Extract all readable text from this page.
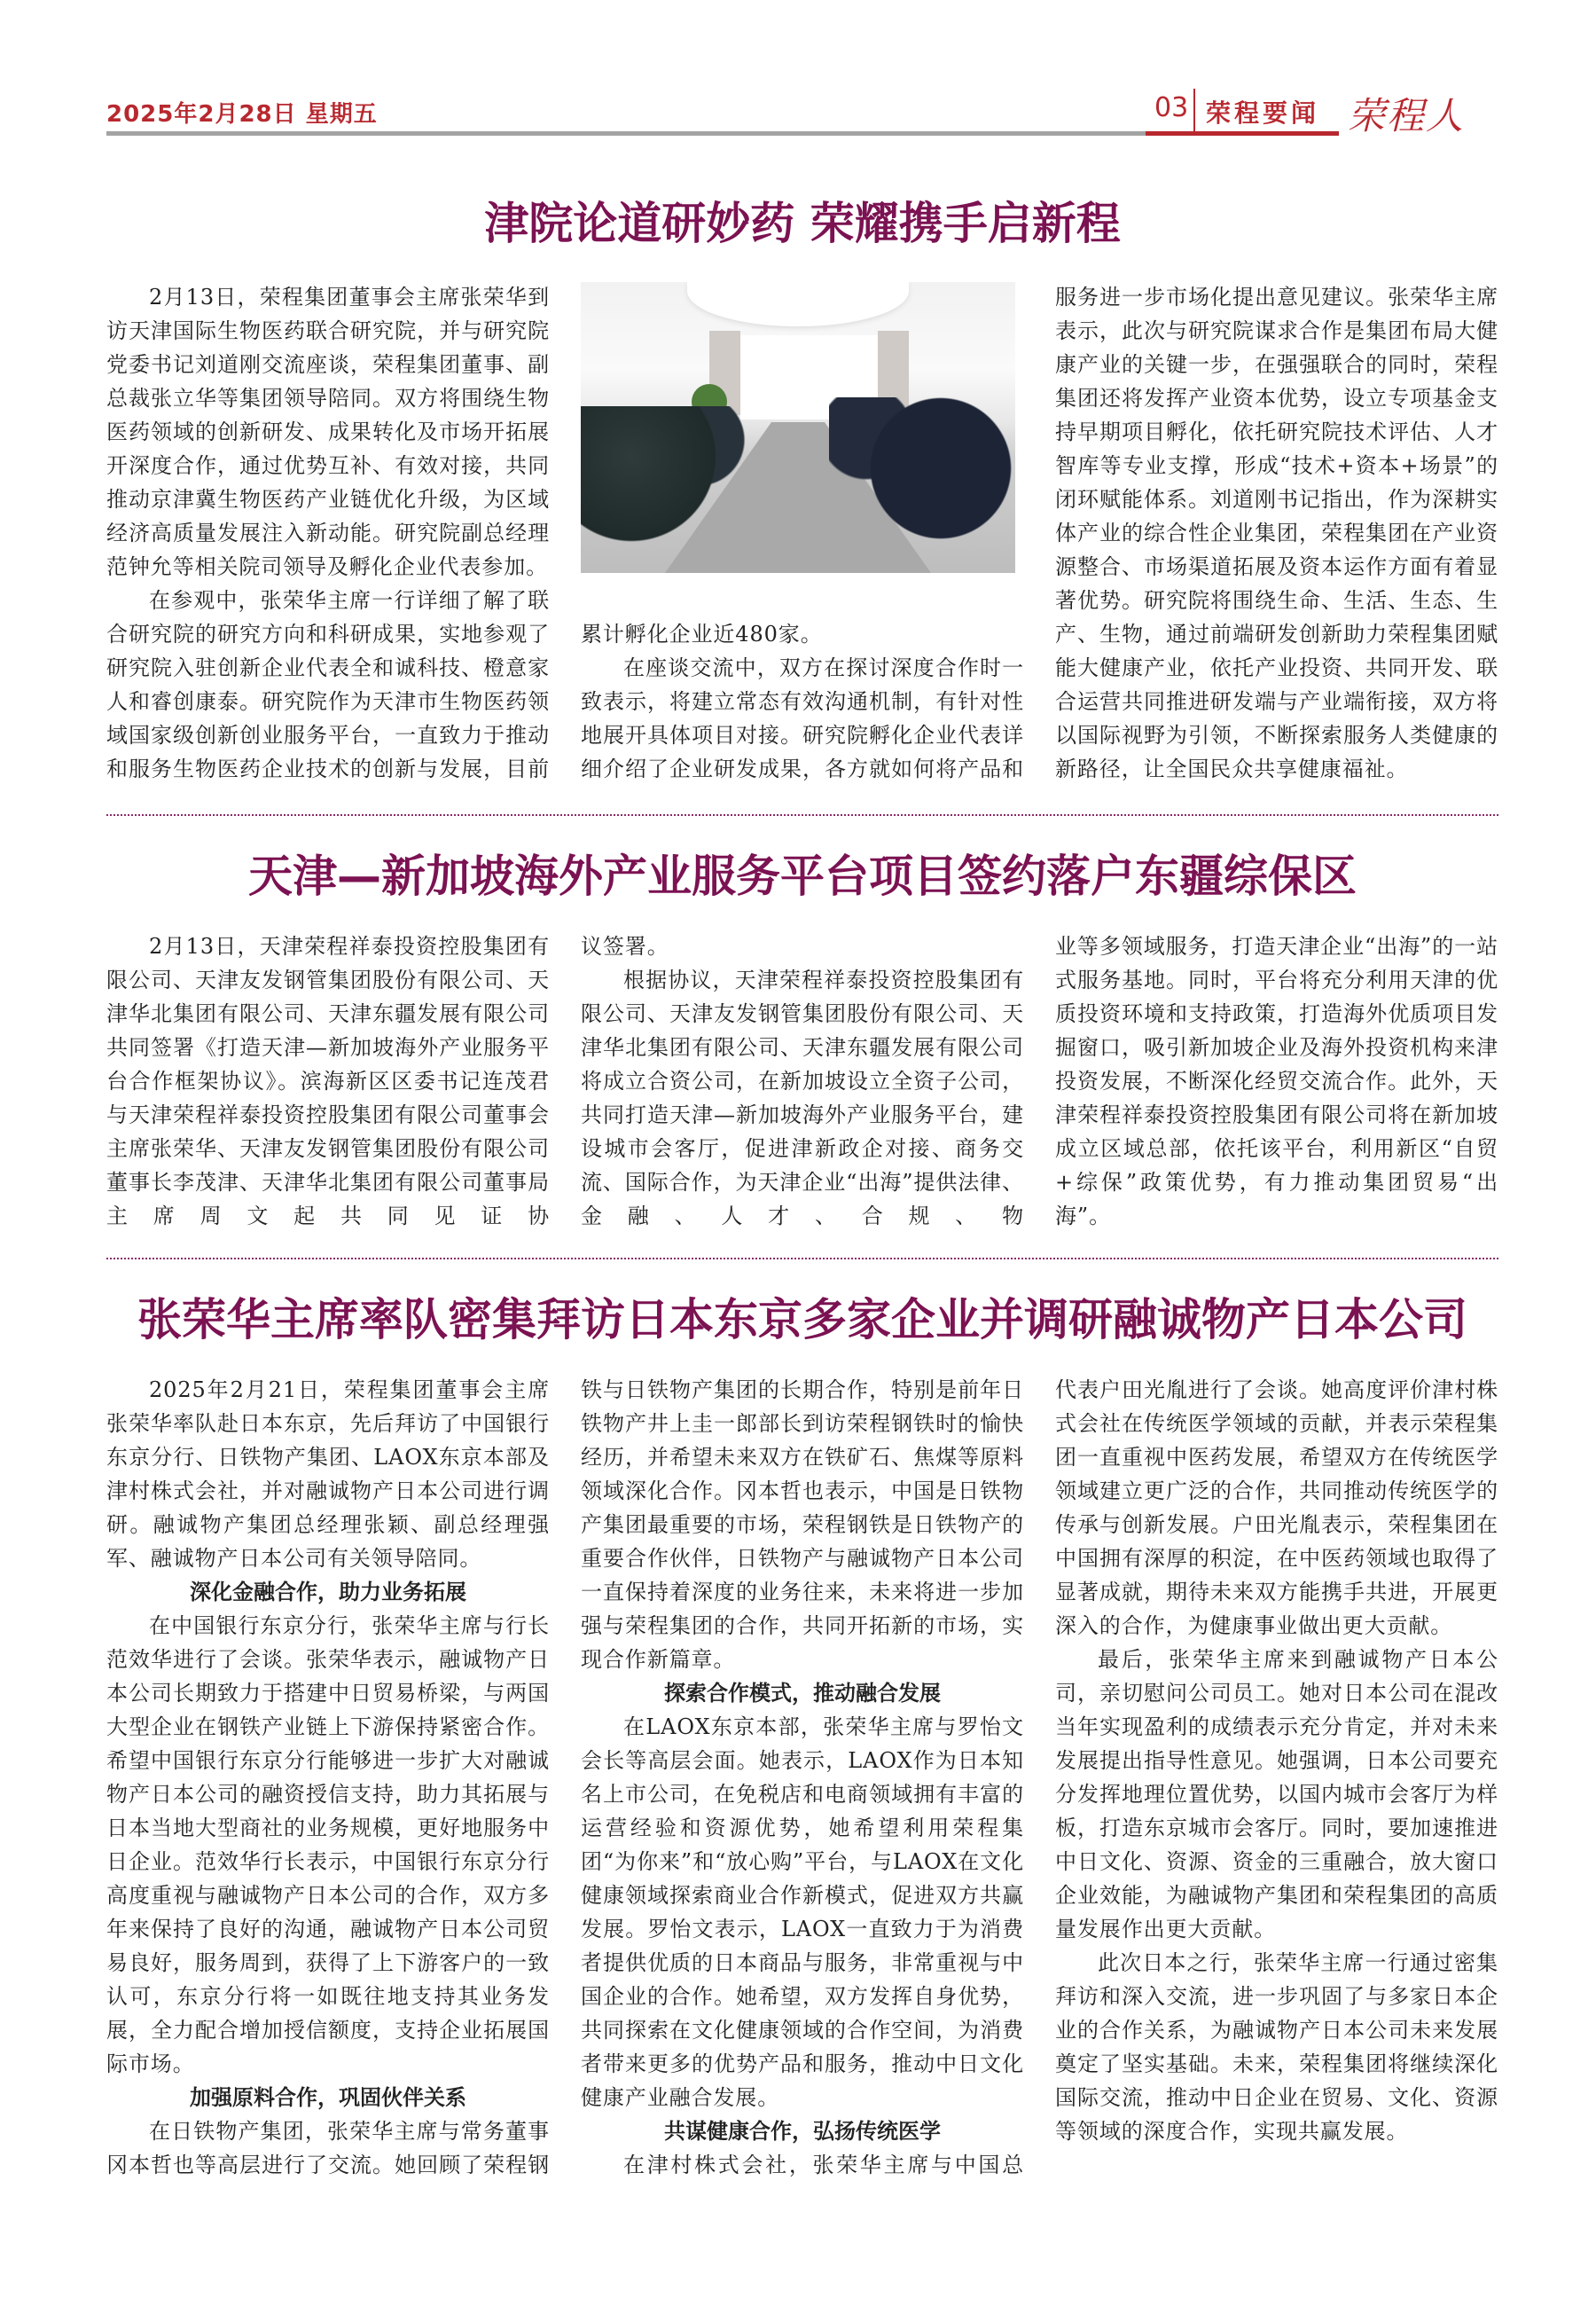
2025年2月28日 星期五	03 荣程要闻 荣程人
津院论道研妙药 荣耀携手启新程

2月13日，荣程集团董事会主席张荣华到访天津国际生物医药联合研究院，并与研究院党委书记刘道刚交流座谈，荣程集团董事、副总裁张立华等集团领导陪同。双方将围绕生物医药领域的创新研发、成果转化及市场开拓展开深度合作，通过优势互补、有效对接，共同推动京津冀生物医药产业链优化升级，为区域经济高质量发展注入新动能。研究院副总经理范钟允等相关院司领导及孵化企业代表参加。

在参观中，张荣华主席一行详细了解了联合研究院的研究方向和科研成果，实地参观了研究院入驻创新企业代表全和诚科技、橙意家人和睿创康泰。研究院作为天津市生物医药领域国家级创新创业服务平台，一直致力于推动和服务生物医药企业技术的创新与发展，目前

累计孵化企业近480家。

在座谈交流中，双方在探讨深度合作时一致表示，将建立常态有效沟通机制，有针对性地展开具体项目对接。研究院孵化企业代表详细介绍了企业研发成果，各方就如何将产品和

服务进一步市场化提出意见建议。张荣华主席表示，此次与研究院谋求合作是集团布局大健康产业的关键一步，在强强联合的同时，荣程集团还将发挥产业资本优势，设立专项基金支持早期项目孵化，依托研究院技术评估、人才智库等专业支撑，形成“技术+资本+场景”的闭环赋能体系。刘道刚书记指出，作为深耕实体产业的综合性企业集团，荣程集团在产业资源整合、市场渠道拓展及资本运作方面有着显著优势。研究院将围绕生命、生活、生态、生产、生物，通过前端研发创新助力荣程集团赋能大健康产业，依托产业投资、共同开发、联合运营共同推进研发端与产业端衔接，双方将以国际视野为引领，不断探索服务人类健康的新路径，让全国民众共享健康福祉。

天津—新加坡海外产业服务平台项目签约落户东疆综保区

2月13日，天津荣程祥泰投资控股集团有限公司、天津友发钢管集团股份有限公司、天津华北集团有限公司、天津东疆发展有限公司共同签署《打造天津—新加坡海外产业服务平台合作框架协议》。滨海新区区委书记连茂君与天津荣程祥泰投资控股集团有限公司董事会主席张荣华、天津友发钢管集团股份有限公司董事长李茂津、天津华北集团有限公司董事局主席周文起共同见证协

议签署。

根据协议，天津荣程祥泰投资控股集团有限公司、天津友发钢管集团股份有限公司、天津华北集团有限公司、天津东疆发展有限公司将成立合资公司，在新加坡设立全资子公司，共同打造天津—新加坡海外产业服务平台，建设城市会客厅，促进津新政企对接、商务交流、国际合作，为天津企业“出海”提供法律、金融、人才、合规、物

业等多领域服务，打造天津企业“出海”的一站式服务基地。同时，平台将充分利用天津的优质投资环境和支持政策，打造海外优质项目发掘窗口，吸引新加坡企业及海外投资机构来津投资发展，不断深化经贸交流合作。此外，天津荣程祥泰投资控股集团有限公司将在新加坡成立区域总部，依托该平台，利用新区“自贸+综保”政策优势，有力推动集团贸易“出海”。

张荣华主席率队密集拜访日本东京多家企业并调研融诚物产日本公司

2025年2月21日，荣程集团董事会主席张荣华率队赴日本东京，先后拜访了中国银行东京分行、日铁物产集团、LAOX东京本部及津村株式会社，并对融诚物产日本公司进行调研。融诚物产集团总经理张颖、副总经理强军、融诚物产日本公司有关领导陪同。

深化金融合作，助力业务拓展

在中国银行东京分行，张荣华主席与行长范效华进行了会谈。张荣华表示，融诚物产日本公司长期致力于搭建中日贸易桥梁，与两国大型企业在钢铁产业链上下游保持紧密合作。希望中国银行东京分行能够进一步扩大对融诚物产日本公司的融资授信支持，助力其拓展与日本当地大型商社的业务规模，更好地服务中日企业。范效华行长表示，中国银行东京分行高度重视与融诚物产日本公司的合作，双方多年来保持了良好的沟通，融诚物产日本公司贸易良好，服务周到，获得了上下游客户的一致认可，东京分行将一如既往地支持其业务发展，全力配合增加授信额度，支持企业拓展国际市场。

加强原料合作，巩固伙伴关系

在日铁物产集团，张荣华主席与常务董事冈本哲也等高层进行了交流。她回顾了荣程钢

铁与日铁物产集团的长期合作，特别是前年日铁物产井上圭一郎部长到访荣程钢铁时的愉快经历，并希望未来双方在铁矿石、焦煤等原料领域深化合作。冈本哲也表示，中国是日铁物产集团最重要的市场，荣程钢铁是日铁物产的重要合作伙伴，日铁物产与融诚物产日本公司一直保持着深度的业务往来，未来将进一步加强与荣程集团的合作，共同开拓新的市场，实现合作新篇章。

探索合作模式，推动融合发展

在LAOX东京本部，张荣华主席与罗怡文会长等高层会面。她表示，LAOX作为日本知名上市公司，在免税店和电商领域拥有丰富的运营经验和资源优势，她希望利用荣程集团“为你来”和“放心购”平台，与LAOX在文化健康领域探索商业合作新模式，促进双方共赢发展。罗怡文表示，LAOX一直致力于为消费者提供优质的日本商品与服务，非常重视与中国企业的合作。她希望，双方发挥自身优势，共同探索在文化健康领域的合作空间，为消费者带来更多的优势产品和服务，推动中日文化健康产业融合发展。

共谋健康合作，弘扬传统医学

在津村株式会社，张荣华主席与中国总

代表户田光胤进行了会谈。她高度评价津村株式会社在传统医学领域的贡献，并表示荣程集团一直重视中医药发展，希望双方在传统医学领域建立更广泛的合作，共同推动传统医学的传承与创新发展。户田光胤表示，荣程集团在中国拥有深厚的积淀，在中医药领域也取得了显著成就，期待未来双方能携手共进，开展更深入的合作，为健康事业做出更大贡献。

最后，张荣华主席来到融诚物产日本公司，亲切慰问公司员工。她对日本公司在混改当年实现盈利的成绩表示充分肯定，并对未来发展提出指导性意见。她强调，日本公司要充分发挥地理位置优势，以国内城市会客厅为样板，打造东京城市会客厅。同时，要加速推进中日文化、资源、资金的三重融合，放大窗口企业效能，为融诚物产集团和荣程集团的高质量发展作出更大贡献。

此次日本之行，张荣华主席一行通过密集拜访和深入交流，进一步巩固了与多家日本企业的合作关系，为融诚物产日本公司未来发展奠定了坚实基础。未来，荣程集团将继续深化国际交流，推动中日企业在贸易、文化、资源等领域的深度合作，实现共赢发展。
